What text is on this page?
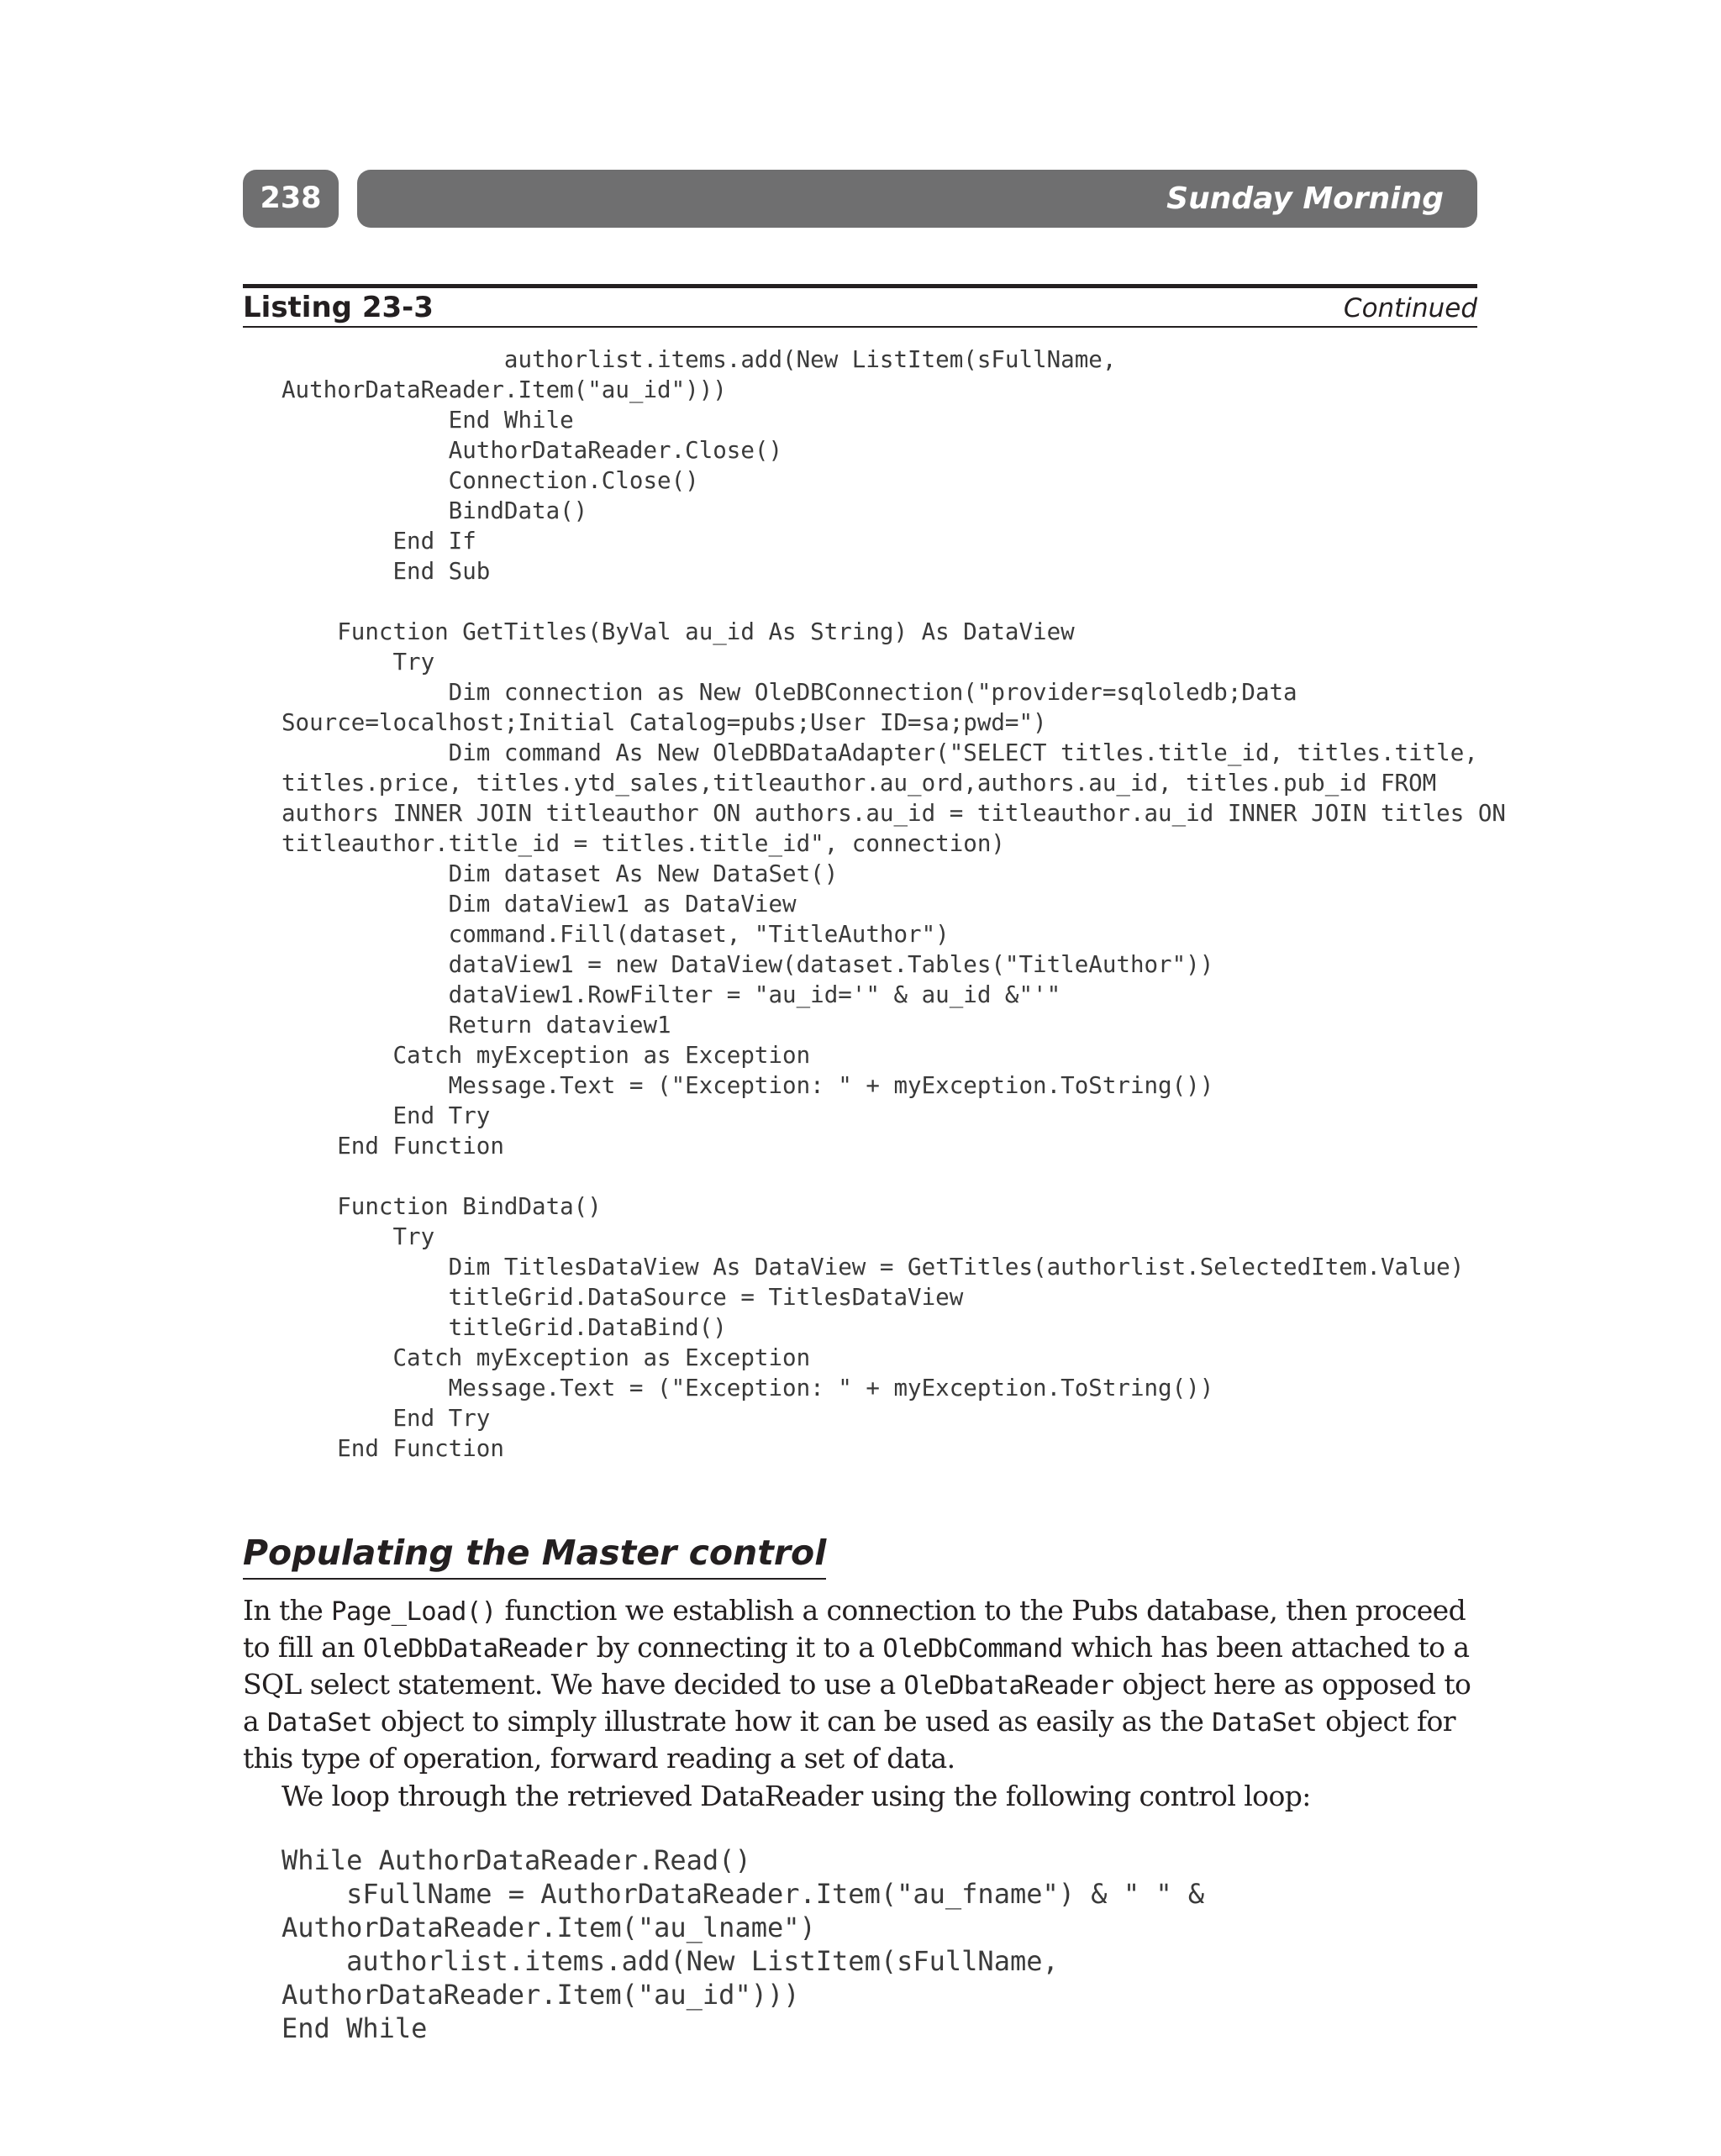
238	Sunday Morning
Listing 23-3	Continued
authorlist.items.add(New ListItem(sFullName,
AuthorDataReader.Item("au_id")))
End While
AuthorDataReader.Close()
Connection.Close()
BindData()
End If
End Sub

Function GetTitles(ByVal au_id As String) As DataView
Try
Dim connection as New OleDBConnection("provider=sqloledb;Data
Source=localhost;Initial Catalog=pubs;User ID=sa;pwd=")
Dim command As New OleDBDataAdapter("SELECT titles.title_id, titles.title,
titles.price, titles.ytd_sales,titleauthor.au_ord,authors.au_id, titles.pub_id FROM
authors INNER JOIN titleauthor ON authors.au_id = titleauthor.au_id INNER JOIN titles ON
titleauthor.title_id = titles.title_id", connection)
Dim dataset As New DataSet()
Dim dataView1 as DataView
command.Fill(dataset, "TitleAuthor")
dataView1 = new DataView(dataset.Tables("TitleAuthor"))
dataView1.RowFilter = "au_id='" & au_id &"'"
Return dataview1
Catch myException as Exception
Message.Text = ("Exception: " + myException.ToString())
End Try
End Function

Function BindData()
Try
Dim TitlesDataView As DataView = GetTitles(authorlist.SelectedItem.Value)
titleGrid.DataSource = TitlesDataView
titleGrid.DataBind()
Catch myException as Exception
Message.Text = ("Exception: " + myException.ToString())
End Try
End Function
Populating the Master control

In the Page_Load() function we establish a connection to the Pubs database, then proceed to fill an OleDbDataReader by connecting it to a OleDbCommand which has been attached to a SQL select statement. We have decided to use a OleDbataReader object here as opposed to a DataSet object to simply illustrate how it can be used as easily as the DataSet object for this type of operation, forward reading a set of data.

We loop through the retrieved DataReader using the following control loop:

While AuthorDataReader.Read()
sFullName = AuthorDataReader.Item("au_fname") & " " &
AuthorDataReader.Item("au_lname")
authorlist.items.add(New ListItem(sFullName,
AuthorDataReader.Item("au_id")))
End While
